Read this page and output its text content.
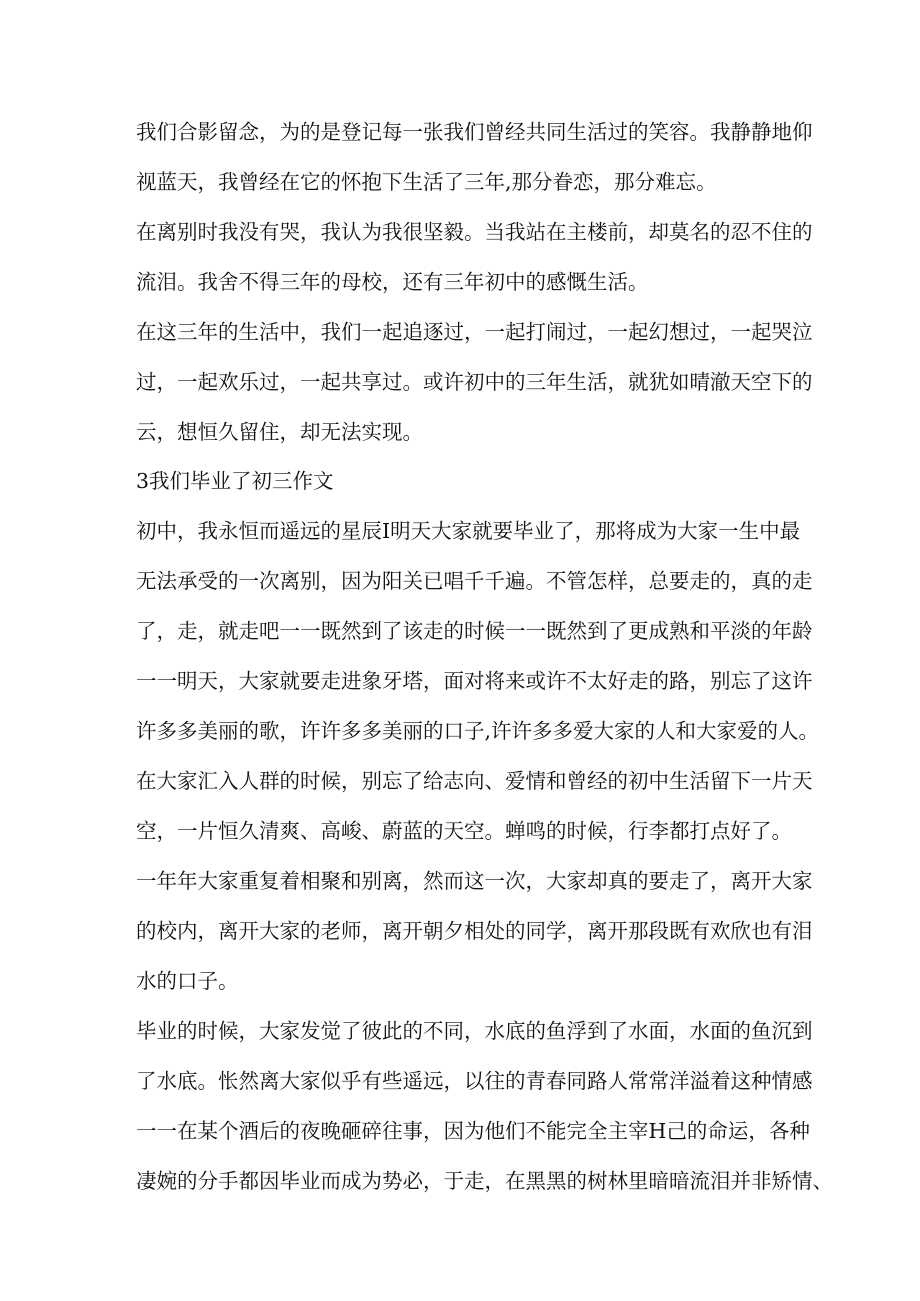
我们合影留念，为的是登记每一张我们曾经共同生活过的笑容。我静静地仰
视蓝天，我曾经在它的怀抱下生活了三年,那分眷恋，那分难忘。
在离别时我没有哭，我认为我很坚毅。当我站在主楼前，却莫名的忍不住的
流泪。我舍不得三年的母校，还有三年初中的感慨生活。
在这三年的生活中，我们一起追逐过，一起打闹过，一起幻想过，一起哭泣
过，一起欢乐过，一起共享过。或许初中的三年生活，就犹如晴澈天空下的
云，想恒久留住，却无法实现。
3我们毕业了初三作文
初中，我永恒而遥远的星辰I明天大家就要毕业了，那将成为大家一生中最
无法承受的一次离别，因为阳关已唱千千遍。不管怎样，总要走的，真的走
了，走，就走吧一一既然到了该走的时候一一既然到了更成熟和平淡的年龄
一一明天，大家就要走进象牙塔，面对将来或许不太好走的路，别忘了这许
许多多美丽的歌，许许多多美丽的口子,许许多多爱大家的人和大家爱的人。
在大家汇入人群的时候，别忘了给志向、爱情和曾经的初中生活留下一片天
空，一片恒久清爽、高峻、蔚蓝的天空。蝉鸣的时候，行李都打点好了。
一年年大家重复着相聚和别离，然而这一次，大家却真的要走了，离开大家
的校内，离开大家的老师，离开朝夕相处的同学，离开那段既有欢欣也有泪
水的口子。
毕业的时候，大家发觉了彼此的不同，水底的鱼浮到了水面，水面的鱼沉到
了水底。怅然离大家似乎有些遥远，以往的青春同路人常常洋溢着这种情感
一一在某个酒后的夜晚砸碎往事，因为他们不能完全主宰H己的命运，各种
凄婉的分手都因毕业而成为势必，于走，在黑黑的树林里暗暗流泪并非矫情、
